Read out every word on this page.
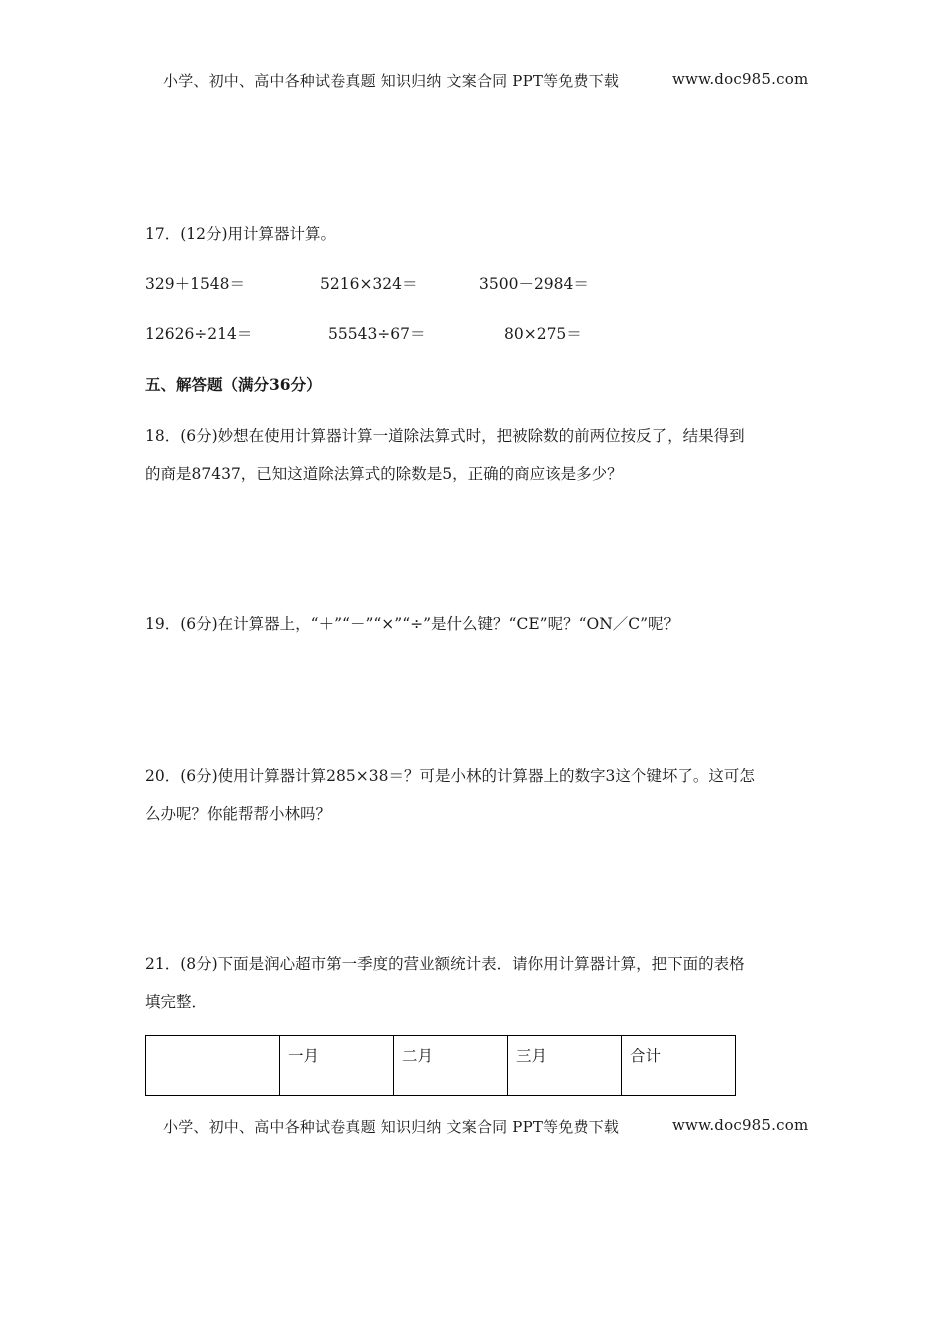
小学、初中、高中各种试卷真题 知识归纳 文案合同 PPT等免费下载	www.doc985.com
17．(12分)用计算器计算。
329＋1548＝	5216×324＝	3500－2984＝
12626÷214＝	55543÷67＝	80×275＝
五、解答题（满分36分）
18．(6分)妙想在使用计算器计算一道除法算式时，把被除数的前两位按反了，结果得到
的商是87437，已知这道除法算式的除数是5，正确的商应该是多少？
19．(6分)在计算器上，“＋”“－”“×”“÷”是什么键？“CE”呢？“ON／C”呢？
20．(6分)使用计算器计算285×38＝？可是小林的计算器上的数字3这个键坏了。这可怎
么办呢？你能帮帮小林吗？
21．(8分)下面是润心超市第一季度的营业额统计表．请你用计算器计算，把下面的表格
填完整．
	一月	二月	三月	合计
小学、初中、高中各种试卷真题 知识归纳 文案合同 PPT等免费下载	www.doc985.com
